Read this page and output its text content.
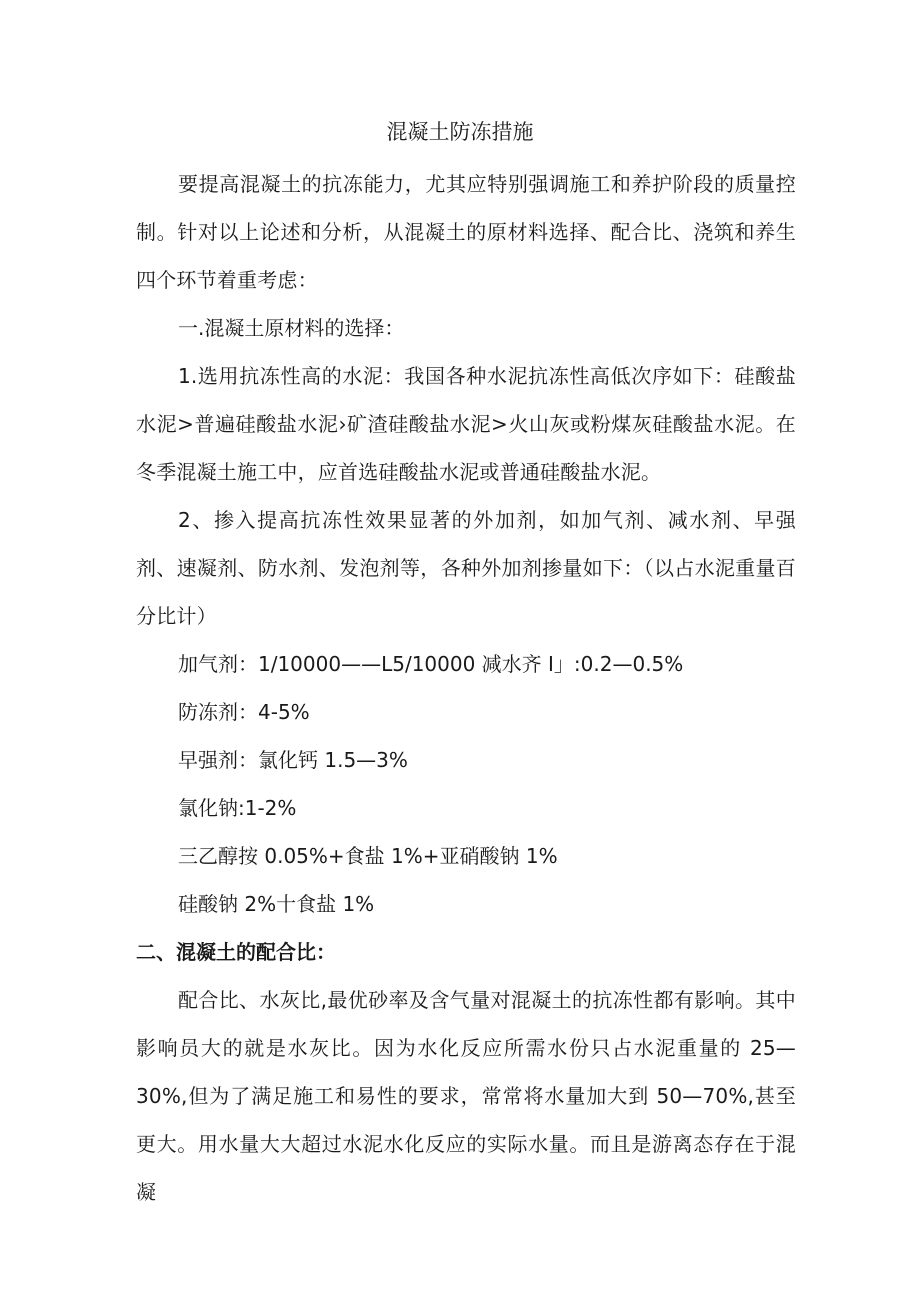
混凝土防冻措施

要提高混凝土的抗冻能力，尤其应特别强调施工和养护阶段的质量控制。针对以上论述和分析，从混凝土的原材料选择、配合比、浇筑和养生四个环节着重考虑：

一.混凝土原材料的选择：

1.选用抗冻性高的水泥：我国各种水泥抗冻性高低次序如下：硅酸盐水泥>普遍硅酸盐水泥›矿渣硅酸盐水泥>火山灰或粉煤灰硅酸盐水泥。在冬季混凝土施工中，应首选硅酸盐水泥或普通硅酸盐水泥。

2、掺入提高抗冻性效果显著的外加剂，如加气剂、减水剂、早强剂、速凝剂、防水剂、发泡剂等，各种外加剂掺量如下：（以占水泥重量百分比计）

加气剂：1/10000——L5/10000 减水齐 I」:0.2—0.5%

防冻剂：4-5%

早强剂：氯化钙 1.5—3%

氯化钠:1-2%

三乙醇按 0.05%+食盐 1%+亚硝酸钠 1%

硅酸钠 2%十食盐 1%

二、混凝土的配合比：

配合比、水灰比,最优砂率及含气量对混凝土的抗冻性都有影响。其中影响员大的就是水灰比。因为水化反应所需水份只占水泥重量的 25—30%,但为了满足施工和易性的要求，常常将水量加大到 50—70%,甚至更大。用水量大大超过水泥水化反应的实际水量。而且是游离态存在于混凝
